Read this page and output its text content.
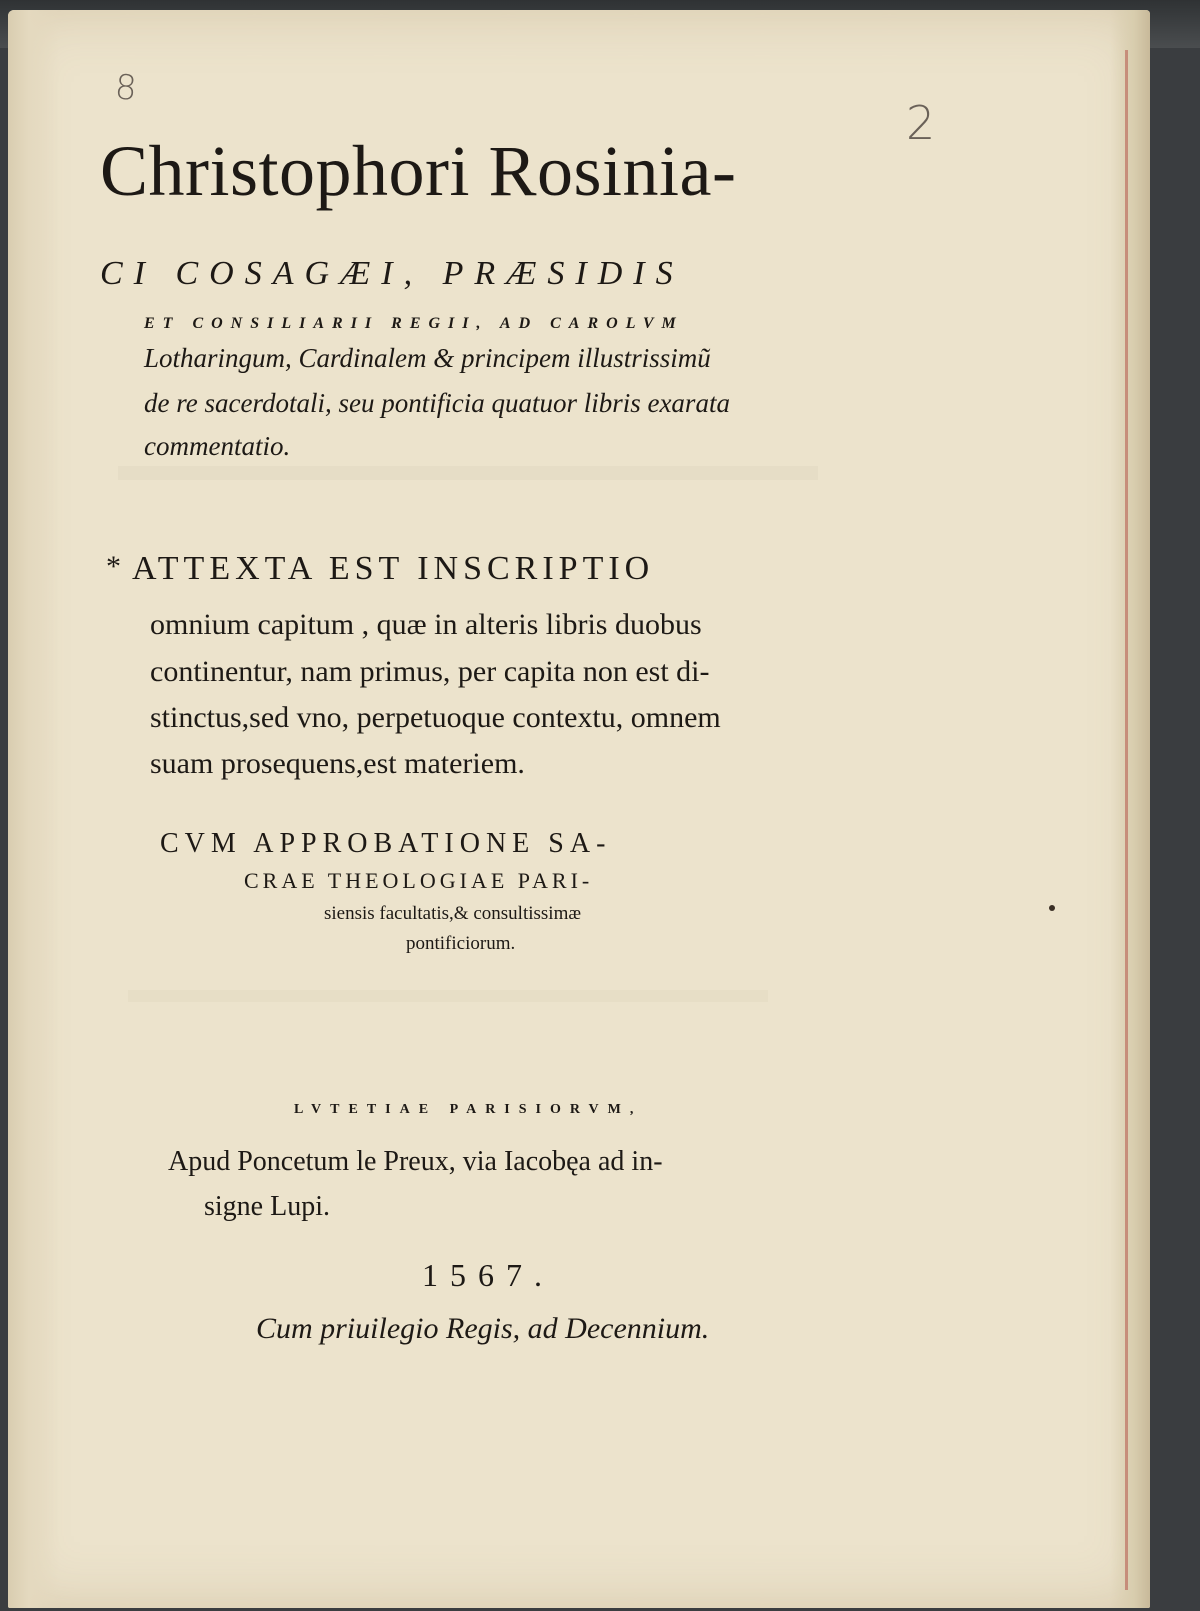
8
2
Christophori Rosinia-
CI COSAGÆI, PRÆSIDIS
ET CONSILIARII REGII, AD CAROLVM
Lotharingum, Cardinalem & principem illustrissimũ
de re sacerdotali, seu pontificia quatuor libris exarata
commentatio.
* ATTEXTA EST INSCRIPTIO
omnium capitum , quæ in alteris libris duobus
continentur, nam primus, per capita non est di-
stinctus,sed vno, perpetuoque contextu, omnem
suam prosequens,est materiem.
CVM APPROBATIONE SA-
CRAE THEOLOGIAE PARI-
siensis facultatis,& consultissimæ
pontificiorum.
LVTETIAE PARISIORVM,
Apud Poncetum le Preux, via Iacobęa ad in-
signe Lupi.
1567.
Cum priuilegio Regis, ad Decennium.
